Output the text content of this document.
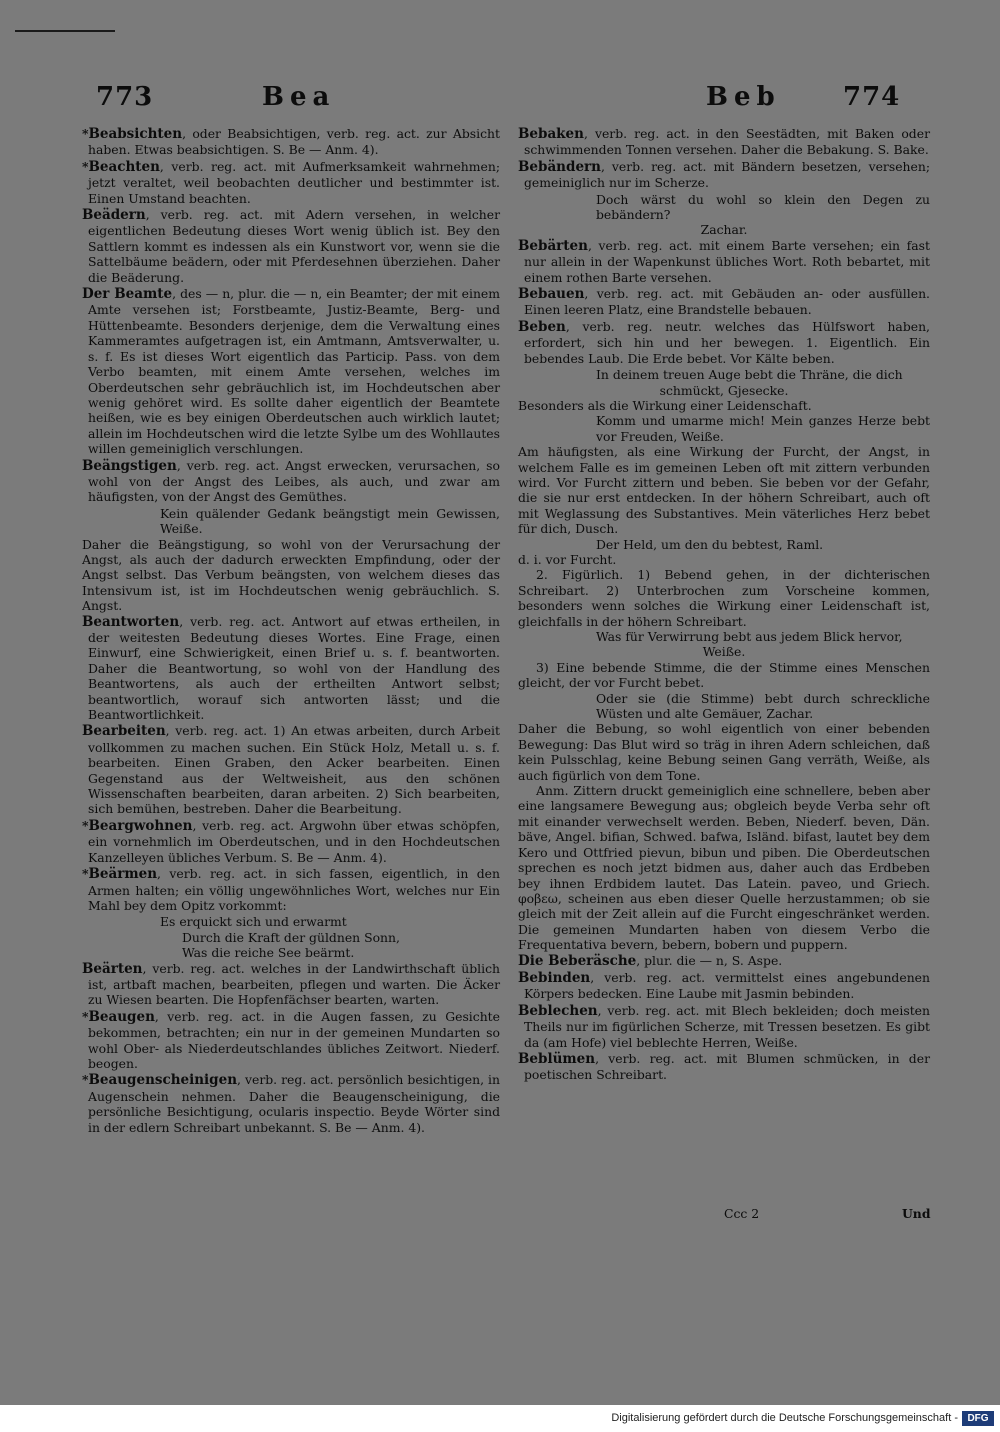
773	Bea	Beb 774

*Beabsichten, oder Beabsichtigen, verb. reg. act. zur Absicht haben. Etwas beabsichtigen. S. Be — Anm. 4).

*Beachten, verb. reg. act. mit Aufmerksamkeit wahrnehmen; jetzt veraltet, weil beobachten deutlicher und bestimmter ist. Einen Umstand beachten.

Beädern, verb. reg. act. mit Adern versehen, in welcher eigentlichen Bedeutung dieses Wort wenig üblich ist. Bey den Sattlern kommt es indessen als ein Kunstwort vor, wenn sie die Sattelbäume beädern, oder mit Pferdesehnen überziehen. Daher die Beäderung.

Der Beamte, des — n, plur. die — n, ein Beamter; der mit einem Amte versehen ist; Forstbeamte, Justiz-Beamte, Berg- und Hüttenbeamte. Besonders derjenige, dem die Verwaltung eines Kammeramtes aufgetragen ist, ein Amtmann, Amtsverwalter, u. s. f. Es ist dieses Wort eigentlich das Particip. Pass. von dem Verbo beamten, mit einem Amte versehen, welches im Oberdeutschen sehr gebräuchlich ist, im Hochdeutschen aber wenig gehöret wird. Es sollte daher eigentlich der Beamtete heißen, wie es bey einigen Oberdeutschen auch wirklich lautet; allein im Hochdeutschen wird die letzte Sylbe um des Wohllautes willen gemeiniglich verschlungen.

Beängstigen, verb. reg. act. Angst erwecken, verursachen, so wohl von der Angst des Leibes, als auch, und zwar am häufigsten, von der Angst des Gemüthes.

Kein quälender Gedank beängstigt mein Gewissen, Weiße.

Daher die Beängstigung, so wohl von der Verursachung der Angst, als auch der dadurch erweckten Empfindung, oder der Angst selbst. Das Verbum beängsten, von welchem dieses das Intensivum ist, ist im Hochdeutschen wenig gebräuchlich. S. Angst.

Beantworten, verb. reg. act. Antwort auf etwas ertheilen, in der weitesten Bedeutung dieses Wortes. Eine Frage, einen Einwurf, eine Schwierigkeit, einen Brief u. s. f. beantworten. Daher die Beantwortung, so wohl von der Handlung des Beantwortens, als auch der ertheilten Antwort selbst; beantwortlich, worauf sich antworten lässt; und die Beantwortlichkeit.

Bearbeiten, verb. reg. act. 1) An etwas arbeiten, durch Arbeit vollkommen zu machen suchen. Ein Stück Holz, Metall u. s. f. bearbeiten. Einen Graben, den Acker bearbeiten. Einen Gegenstand aus der Weltweisheit, aus den schönen Wissenschaften bearbeiten, daran arbeiten. 2) Sich bearbeiten, sich bemühen, bestreben. Daher die Bearbeitung.

*Beargwohnen, verb. reg. act. Argwohn über etwas schöpfen, ein vornehmlich im Oberdeutschen, und in den Hochdeutschen Kanzelleyen übliches Verbum. S. Be — Anm. 4).

*Beärmen, verb. reg. act. in sich fassen, eigentlich, in den Armen halten; ein völlig ungewöhnliches Wort, welches nur Ein Mahl bey dem Opitz vorkommt:

Es erquickt sich und erwarmt

Durch die Kraft der güldnen Sonn,

Was die reiche See beärmt.

Beärten, verb. reg. act. welches in der Landwirthschaft üblich ist, artbaft machen, bearbeiten, pflegen und warten. Die Äcker zu Wiesen bearten. Die Hopfenfächser bearten, warten.

*Beaugen, verb. reg. act. in die Augen fassen, zu Gesichte bekommen, betrachten; ein nur in der gemeinen Mundarten so wohl Ober- als Niederdeutschlandes übliches Zeitwort. Niederf. beogen.

*Beaugenscheinigen, verb. reg. act. persönlich besichtigen, in Augenschein nehmen. Daher die Beaugenscheinigung, die persönliche Besichtigung, ocularis inspectio. Beyde Wörter sind in der edlern Schreibart unbekannt. S. Be — Anm. 4).

Bebaken, verb. reg. act. in den Seestädten, mit Baken oder schwimmenden Tonnen versehen. Daher die Bebakung. S. Bake.

Bebändern, verb. reg. act. mit Bändern besetzen, versehen; gemeiniglich nur im Scherze.

Doch wärst du wohl so klein den Degen zu bebändern?

Zachar.

Bebärten, verb. reg. act. mit einem Barte versehen; ein fast nur allein in der Wapenkunst übliches Wort. Roth bebartet, mit einem rothen Barte versehen.

Bebauen, verb. reg. act. mit Gebäuden an- oder ausfüllen. Einen leeren Platz, eine Brandstelle bebauen.

Beben, verb. reg. neutr. welches das Hülfswort haben, erfordert, sich hin und her bewegen. 1. Eigentlich. Ein bebendes Laub. Die Erde bebet. Vor Kälte beben.

In deinem treuen Auge bebt die Thräne, die dich

schmückt, Gjesecke.

Besonders als die Wirkung einer Leidenschaft.

Komm und umarme mich! Mein ganzes Herze bebt vor Freuden, Weiße.

Am häufigsten, als eine Wirkung der Furcht, der Angst, in welchem Falle es im gemeinen Leben oft mit zittern verbunden wird. Vor Furcht zittern und beben. Sie beben vor der Gefahr, die sie nur erst entdecken. In der höhern Schreibart, auch oft mit Weglassung des Substantives. Mein väterliches Herz bebet für dich, Dusch.

Der Held, um den du bebtest, Raml.

d. i. vor Furcht.

2. Figürlich. 1) Bebend gehen, in der dichterischen Schreibart. 2) Unterbrochen zum Vorscheine kommen, besonders wenn solches die Wirkung einer Leidenschaft ist, gleichfalls in der höhern Schreibart.

Was für Verwirrung bebt aus jedem Blick hervor,

Weiße.

3) Eine bebende Stimme, die der Stimme eines Menschen gleicht, der vor Furcht bebet.

Oder sie (die Stimme) bebt durch schreckliche Wüsten und alte Gemäuer, Zachar.

Daher die Bebung, so wohl eigentlich von einer bebenden Bewegung: Das Blut wird so träg in ihren Adern schleichen, daß kein Pulsschlag, keine Bebung seinen Gang verräth, Weiße, als auch figürlich von dem Tone.

Anm. Zittern druckt gemeiniglich eine schnellere, beben aber eine langsamere Bewegung aus; obgleich beyde Verba sehr oft mit einander verwechselt werden. Beben, Niederf. beven, Dän. bäve, Angel. bifian, Schwed. bafwa, Isländ. bifast, lautet bey dem Kero und Ottfried pievun, bibun und piben. Die Oberdeutschen sprechen es noch jetzt bidmen aus, daher auch das Erdbeben bey ihnen Erdbidem lautet. Das Latein. paveo, und Griech. φοβεω, scheinen aus eben dieser Quelle herzustammen; ob sie gleich mit der Zeit allein auf die Furcht eingeschränket werden. Die gemeinen Mundarten haben von diesem Verbo die Frequentativa bevern, bebern, bobern und puppern.

Die Beberäsche, plur. die — n, S. Aspe.

Bebinden, verb. reg. act. vermittelst eines angebundenen Körpers bedecken. Eine Laube mit Jasmin bebinden.

Beblechen, verb. reg. act. mit Blech bekleiden; doch meisten Theils nur im figürlichen Scherze, mit Tressen besetzen. Es gibt da (am Hofe) viel beblechte Herren, Weiße.

Beblümen, verb. reg. act. mit Blumen schmücken, in der poetischen Schreibart.

Ccc 2	Und
Digitalisierung gefördert durch die Deutsche Forschungsgemeinschaft - DFG
